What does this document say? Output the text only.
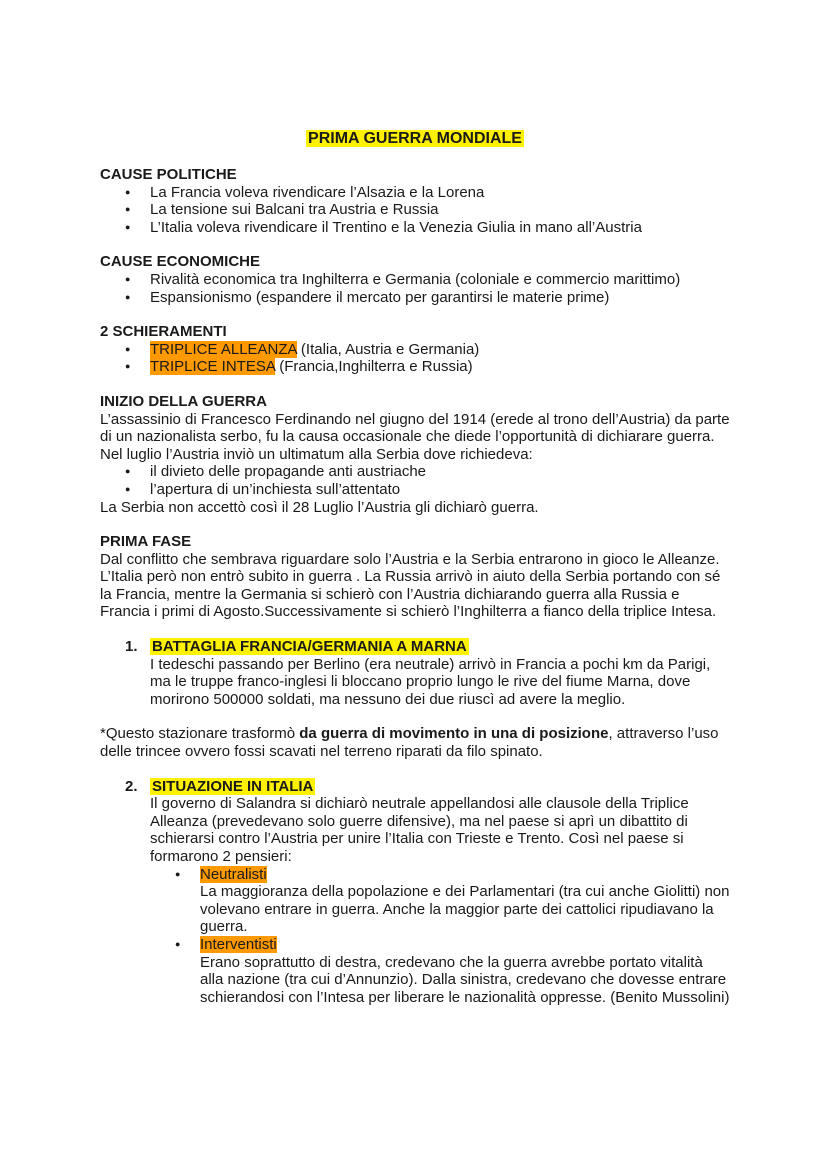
PRIMA GUERRA MONDIALE
CAUSE POLITICHE
● La Francia voleva rivendicare l’Alsazia e la Lorena
● La tensione sui Balcani tra Austria e Russia
● L’Italia voleva rivendicare il Trentino e la Venezia Giulia in mano all’Austria
CAUSE ECONOMICHE
● Rivalità economica tra Inghilterra e Germania (coloniale e commercio marittimo)
● Espansionismo (espandere il mercato per garantirsi le materie prime)
2 SCHIERAMENTI
● TRIPLICE ALLEANZA (Italia, Austria e Germania)
● TRIPLICE INTESA (Francia,Inghilterra e Russia)
INIZIO DELLA GUERRA

L’assassinio di Francesco Ferdinando nel giugno del 1914 (erede al trono dell’Austria) da parte di un nazionalista serbo, fu la causa occasionale che diede l’opportunità di dichiarare guerra. Nel luglio l’Austria inviò un ultimatum alla Serbia dove richiedeva:

● il divieto delle propagande anti austriache
● l’apertura di un’inchiesta sull’attentato

La Serbia non accettò così il 28 Luglio l’Austria gli dichiarò guerra.

PRIMA FASE

Dal conflitto che sembrava riguardare solo l’Austria e la Serbia entrarono in gioco le Alleanze. L’Italia però non entrò subito in guerra . La Russia arrivò in aiuto della Serbia portando con sé la Francia, mentre la Germania si schierò con l’Austria dichiarando guerra alla Russia e Francia i primi di Agosto.Successivamente si schierò l’Inghilterra a fianco della triplice Intesa.

1. BATTAGLIA FRANCIA/GERMANIA A MARNA

I tedeschi passando per Berlino (era neutrale) arrivò in Francia a pochi km da Parigi, ma le truppe franco-inglesi li bloccano proprio lungo le rive del fiume Marna, dove morirono 500000 soldati, ma nessuno dei due riuscì ad avere la meglio.

*Questo stazionare trasformò da guerra di movimento in una di posizione, attraverso l’uso delle trincee ovvero fossi scavati nel terreno riparati da filo spinato.

2. SITUAZIONE IN ITALIA

Il governo di Salandra si dichiarò neutrale appellandosi alle clausole della Triplice Alleanza (prevedevano solo guerre difensive), ma nel paese si aprì un dibattito di schierarsi contro l’Austria per unire l’Italia con Trieste e Trento. Così nel paese si formarono 2 pensieri:

● Neutralisti

La maggioranza della popolazione e dei Parlamentari (tra cui anche Giolitti) non volevano entrare in guerra. Anche la maggior parte dei cattolici ripudiavano la guerra.

● Interventisti

Erano soprattutto di destra, credevano che la guerra avrebbe portato vitalità alla nazione (tra cui d’Annunzio). Dalla sinistra, credevano che dovesse entrare schierandosi con l’Intesa per liberare le nazionalità oppresse. (Benito Mussolini)
